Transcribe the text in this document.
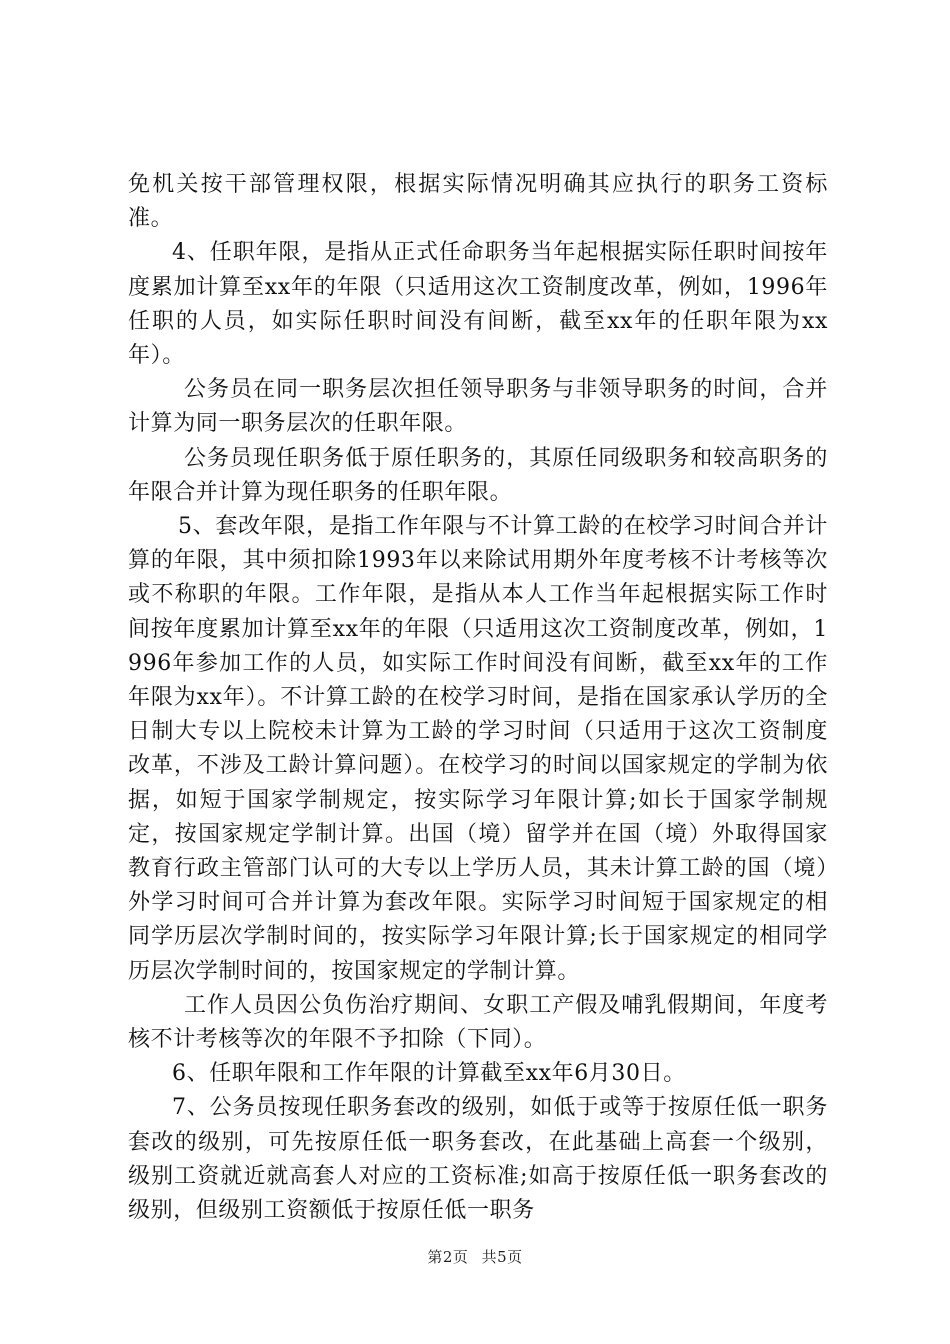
免机关按干部管理权限，根据实际情况明确其应执行的职务工资标准。

4、任职年限，是指从正式任命职务当年起根据实际任职时间按年度累加计算至xx年的年限（只适用这次工资制度改革，例如，1996年任职的人员，如实际任职时间没有间断，截至xx年的任职年限为xx年）。

公务员在同一职务层次担任领导职务与非领导职务的时间，合并计算为同一职务层次的任职年限。

公务员现任职务低于原任职务的，其原任同级职务和较高职务的年限合并计算为现任职务的任职年限。

5、套改年限，是指工作年限与不计算工龄的在校学习时间合并计算的年限，其中须扣除1993年以来除试用期外年度考核不计考核等次或不称职的年限。工作年限，是指从本人工作当年起根据实际工作时间按年度累加计算至xx年的年限（只适用这次工资制度改革，例如，1996年参加工作的人员，如实际工作时间没有间断，截至xx年的工作年限为xx年）。不计算工龄的在校学习时间，是指在国家承认学历的全日制大专以上院校未计算为工龄的学习时间（只适用于这次工资制度改革，不涉及工龄计算问题）。在校学习的时间以国家规定的学制为依据，如短于国家学制规定，按实际学习年限计算;如长于国家学制规定，按国家规定学制计算。出国（境）留学并在国（境）外取得国家教育行政主管部门认可的大专以上学历人员，其未计算工龄的国（境）外学习时间可合并计算为套改年限。实际学习时间短于国家规定的相同学历层次学制时间的，按实际学习年限计算;长于国家规定的相同学历层次学制时间的，按国家规定的学制计算。

工作人员因公负伤治疗期间、女职工产假及哺乳假期间，年度考核不计考核等次的年限不予扣除（下同）。

6、任职年限和工作年限的计算截至xx年6月30日。

7、公务员按现任职务套改的级别，如低于或等于按原任低一职务套改的级别，可先按原任低一职务套改，在此基础上高套一个级别，级别工资就近就高套人对应的工资标准;如高于按原任低一职务套改的级别，但级别工资额低于按原任低一职务

第2页 共5页
